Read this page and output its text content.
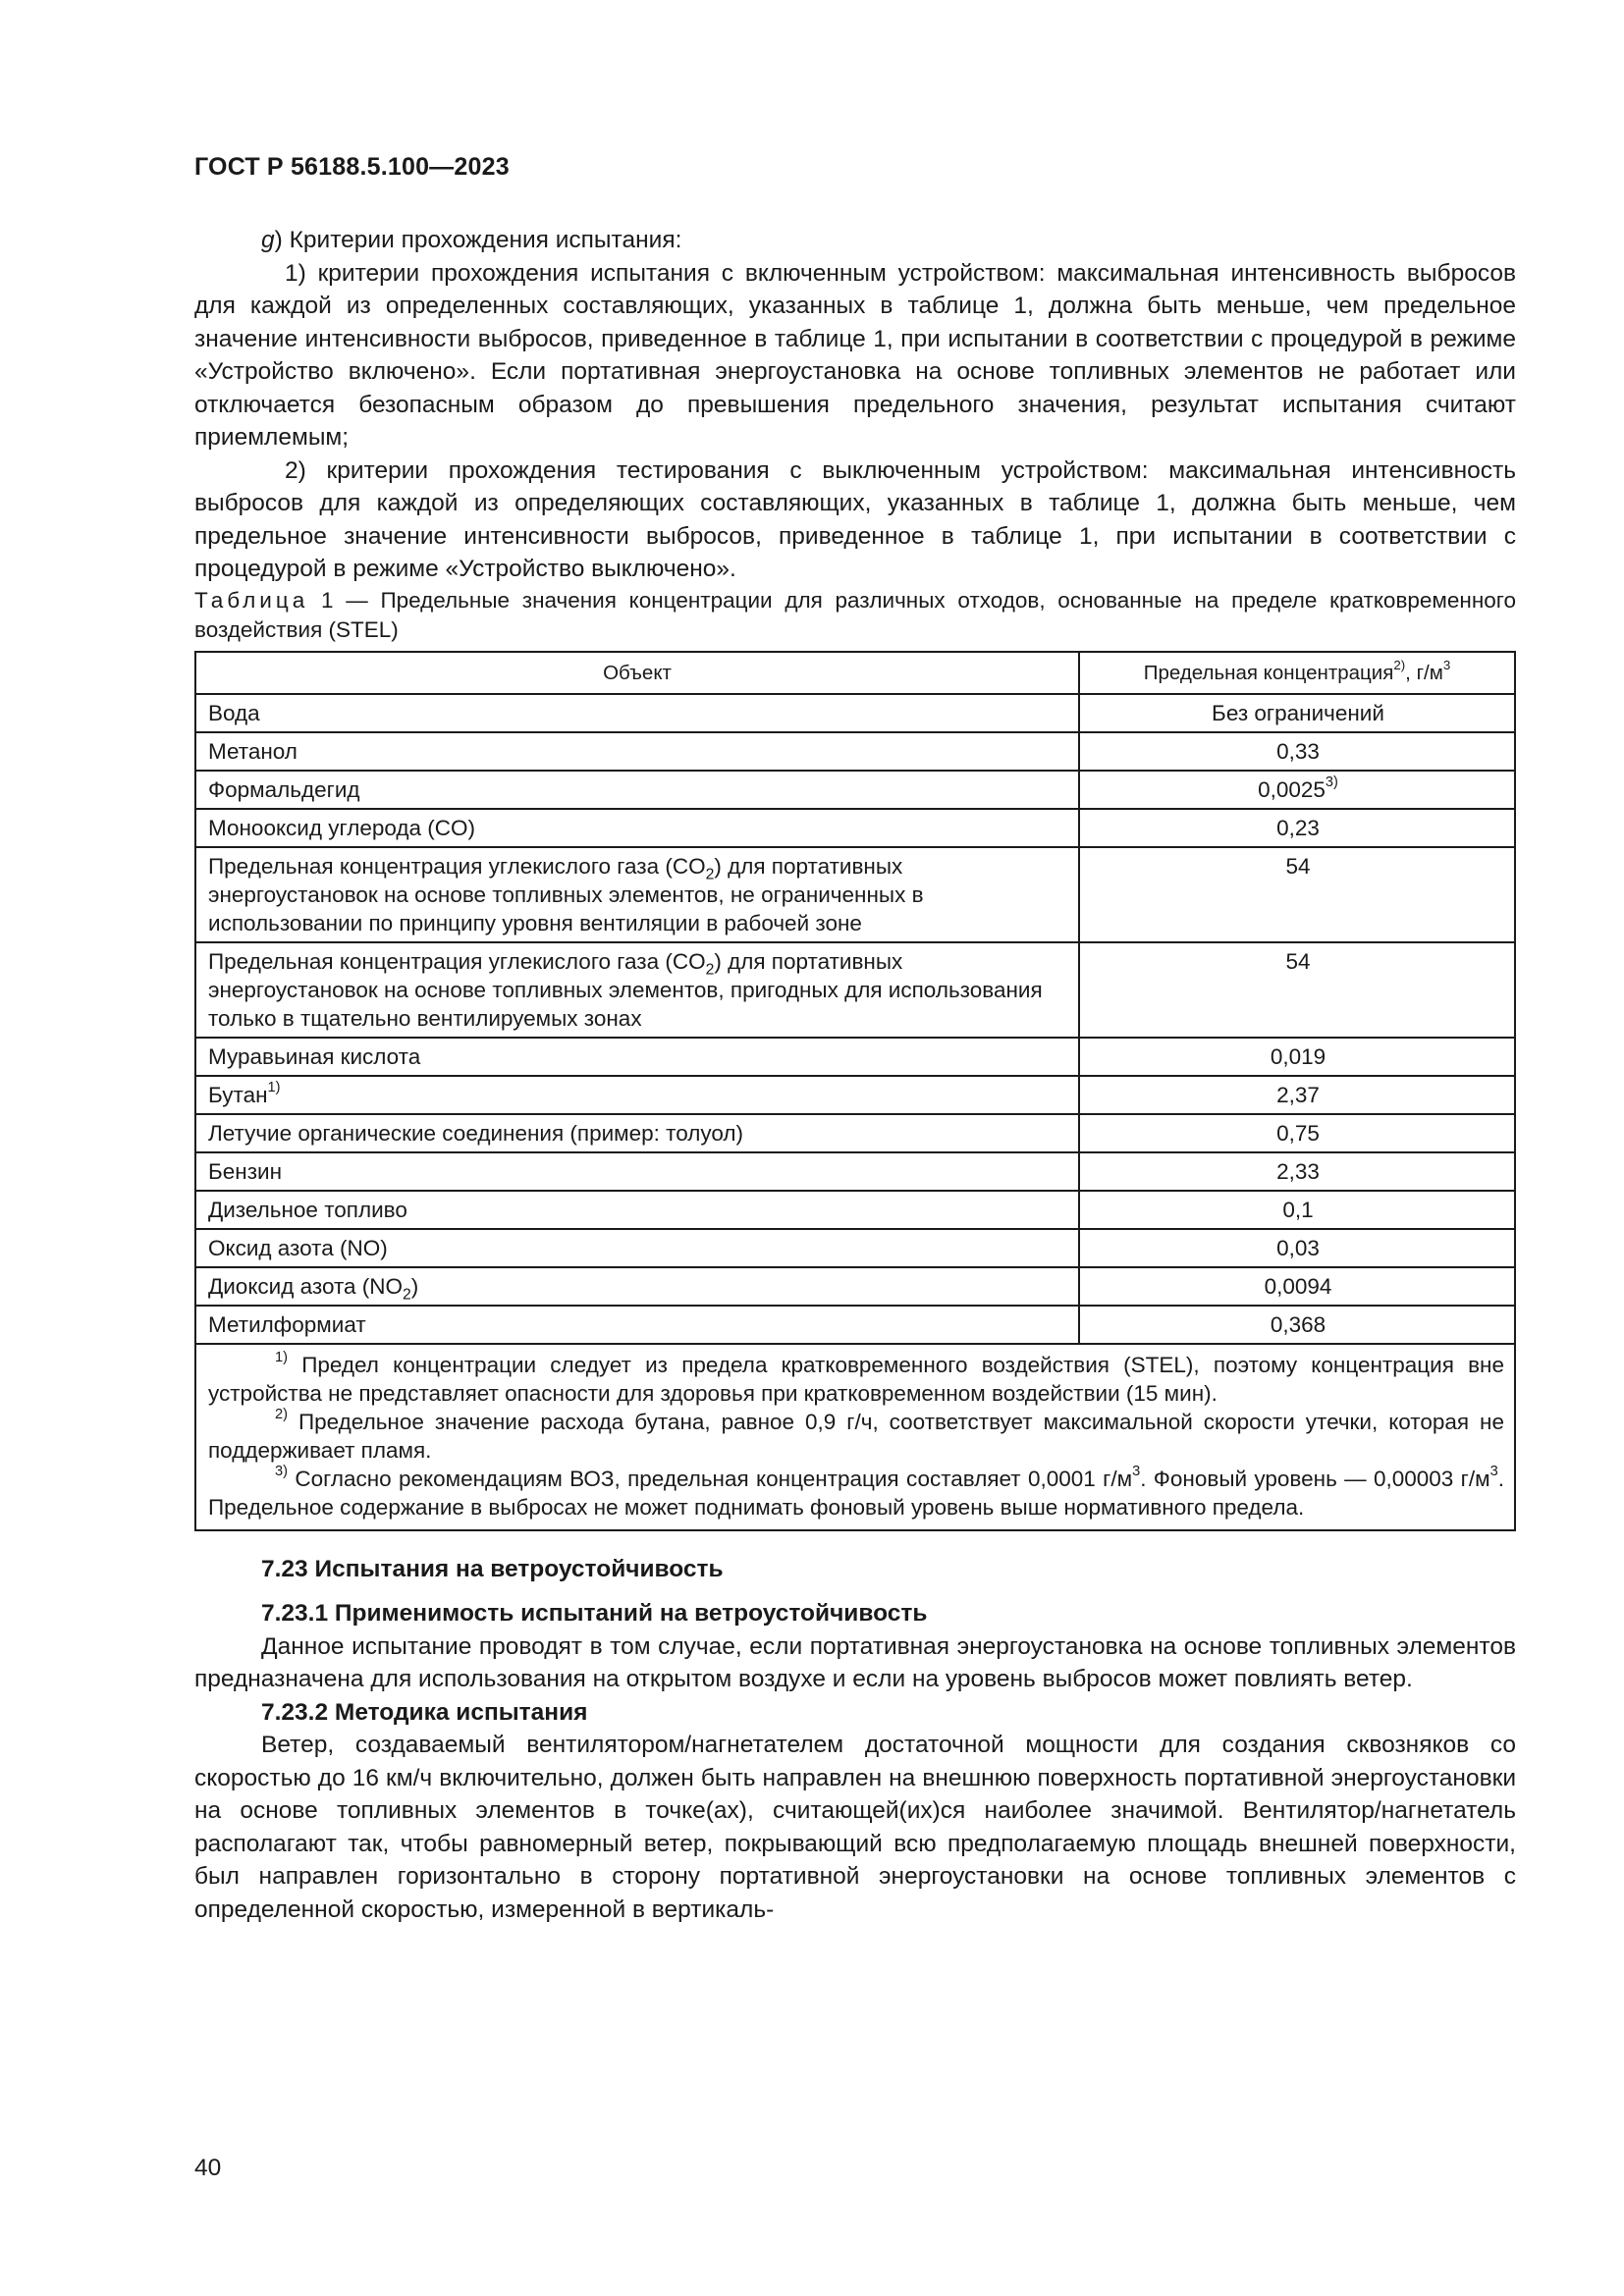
ГОСТ Р 56188.5.100—2023

g) Критерии прохождения испытания:

1) критерии прохождения испытания с включенным устройством: максимальная интенсивность выбросов для каждой из определенных составляющих, указанных в таблице 1, должна быть меньше, чем предельное значение интенсивности выбросов, приведенное в таблице 1, при испытании в соответствии с процедурой в режиме «Устройство включено». Если портативная энергоустановка на основе топливных элементов не работает или отключается безопасным образом до превышения предельного значения, результат испытания считают приемлемым;

2) критерии прохождения тестирования с выключенным устройством: максимальная интенсивность выбросов для каждой из определяющих составляющих, указанных в таблице 1, должна быть меньше, чем предельное значение интенсивности выбросов, приведенное в таблице 1, при испытании в соответствии с процедурой в режиме «Устройство выключено».

Таблица 1 — Предельные значения концентрации для различных отходов, основанные на пределе кратковременного воздействия (STEL)

Объект	Предельная концентрация$^{2)}$, $г/м^3$
Вода	Без ограничений
Метанол	0,33
Формальдегид	0,0025$^{3)}$
Монооксид углерода (CO)	0,23
Предельная концентрация углекислого газа $(CO_2)$ для портативных энергоустановок на основе топливных элементов, не ограниченных в использовании по принципу уровня вентиляции в рабочей зоне	54
Предельная концентрация углекислого газа $(CO_2)$ для портативных энергоустановок на основе топливных элементов, пригодных для использования только в тщательно вентилируемых зонах	54
Муравьиная кислота	0,019
Бутан$^{1)}$	2,37
Летучие органические соединения (пример: толуол)	0,75
Бензин	2,33
Дизельное топливо	0,1
Оксид азота (NO)	0,03
Диоксид азота $(NO_2)$	0,0094
Метилформиат	0,368

$^{1)}$ Предел концентрации следует из предела кратковременного воздействия (STEL), поэтому концентрация вне устройства не представляет опасности для здоровья при кратковременном воздействии (15 мин).

$^{2)}$ Предельное значение расхода бутана, равное 0,9 г/ч, соответствует максимальной скорости утечки, которая не поддерживает пламя.

$^{3)}$ Согласно рекомендациям ВОЗ, предельная концентрация составляет 0,0001 $г/м^3$. Фоновый уровень — 0,00003 $г/м^3$. Предельное содержание в выбросах не может поднимать фоновый уровень выше нормативного предела.	

7.23 Испытания на ветроустойчивость
7.23.1 Применимость испытаний на ветроустойчивость

Данное испытание проводят в том случае, если портативная энергоустановка на основе топливных элементов предназначена для использования на открытом воздухе и если на уровень выбросов может повлиять ветер.

7.23.2 Методика испытания

Ветер, создаваемый вентилятором/нагнетателем достаточной мощности для создания сквозняков со скоростью до 16 км/ч включительно, должен быть направлен на внешнюю поверхность портативной энергоустановки на основе топливных элементов в точке(ах), считающей(их)ся наиболее значимой. Вентилятор/нагнетатель располагают так, чтобы равномерный ветер, покрывающий всю предполагаемую площадь внешней поверхности, был направлен горизонтально в сторону портативной энергоустановки на основе топливных элементов с определенной скоростью, измеренной в вертикаль-

40
